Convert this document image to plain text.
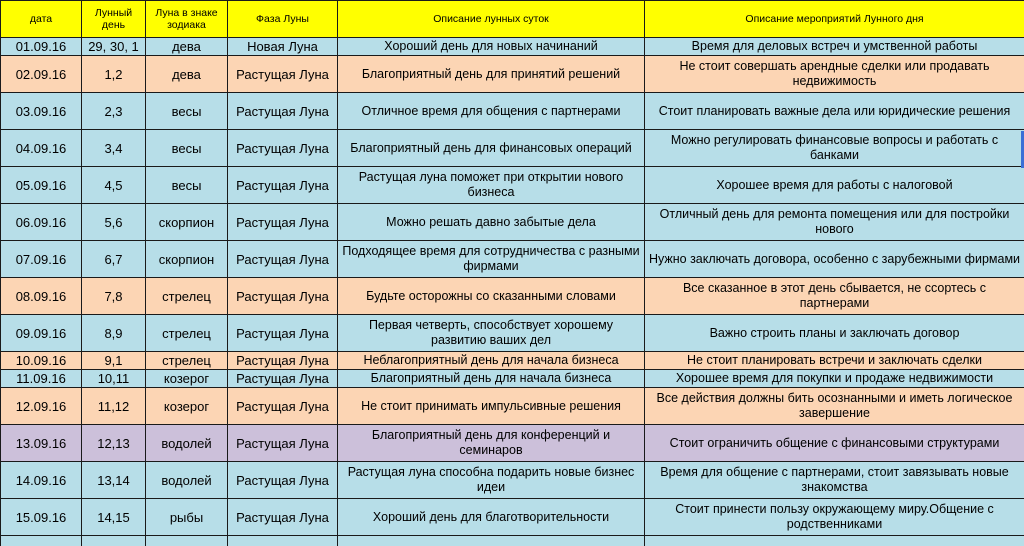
дата	Лунный день	Луна в знаке зодиака	Фаза Луны	Описание лунных суток	Описание мероприятий Лунного дня
01.09.16	29, 30, 1	дева	Новая Луна	Хороший день для новых начинаний	Время для деловых встреч и умственной работы
02.09.16	1,2	дева	Растущая Луна	Благоприятный день для принятий решений	Не стоит совершать арендные сделки или продавать недвижимость
03.09.16	2,3	весы	Растущая Луна	Отличное время для общения с партнерами	Стоит планировать важные дела или юридические решения
04.09.16	3,4	весы	Растущая Луна	Благоприятный день для финансовых операций	Можно регулировать финансовые вопросы и работать с банками
05.09.16	4,5	весы	Растущая Луна	Растущая луна поможет при открытии нового бизнеса	Хорошее время для работы с налоговой
06.09.16	5,6	скорпион	Растущая Луна	Можно решать давно забытые дела	Отличный день для ремонта помещения или для постройки нового
07.09.16	6,7	скорпион	Растущая Луна	Подходящее время для сотрудничества с разными фирмами	Нужно заключать договора, особенно с зарубежными фирмами
08.09.16	7,8	стрелец	Растущая Луна	Будьте осторожны со сказанными словами	Все сказанное в этот день сбывается, не ссортесь с партнерами
09.09.16	8,9	стрелец	Растущая Луна	Первая четверть, способствует хорошему развитию ваших дел	Важно строить планы и заключать договор
10.09.16	9,1	стрелец	Растущая Луна	Неблагоприятный день для начала бизнеса	Не стоит планировать встречи и заключать сделки
11.09.16	10,11	козерог	Растущая Луна	Благоприятный день для начала бизнеса	Хорошее время для покупки и продаже недвижимости
12.09.16	11,12	козерог	Растущая Луна	Не стоит принимать импульсивные решения	Все действия должны бить осознанными и иметь логическое завершение
13.09.16	12,13	водолей	Растущая Луна	Благоприятный день для конференций и семинаров	Стоит ограничить общение с финансовыми структурами
14.09.16	13,14	водолей	Растущая Луна	Растущая луна способна подарить новые бизнес идеи	Время для общение с партнерами, стоит завязывать новые знакомства
15.09.16	14,15	рыбы	Растущая Луна	Хороший день для благотворительности	Стоит принести пользу окружающему миру.Общение с родственниками
